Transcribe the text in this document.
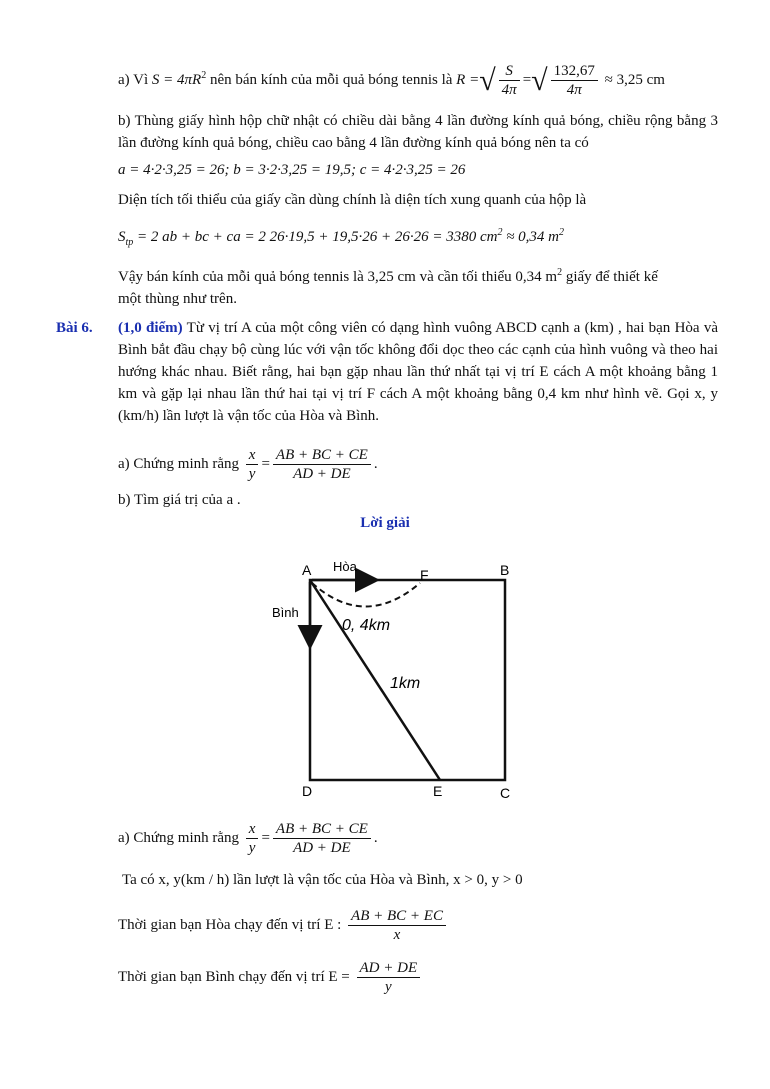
a) Vì $S = 4\pi R^2$ nên bán kính của mỗi quả bóng tennis là R =√ $\frac{S}{4\pi}$ =√ $\frac{132,67}{4\pi} \approx 3,25$ cm
b) Thùng giấy hình hộp chữ nhật có chiều dài bằng 4 lần đường kính quả bóng, chiều rộng bằng 3 lần đường kính quả bóng, chiều cao bằng 4 lần đường kính quả bóng nên ta có
a = 4·2·3,25 = 26; b = 3·2·3,25 = 19,5; c = 4·2·3,25 = 26
Diện tích tối thiểu của giấy cần dùng chính là diện tích xung quanh của hộp là
$S_{tp} = 2$ ab + bc + ca = 2 26·19,5 + 19,5·26 + 26·26 = 3380 $cm^2 \approx 0,34$ $m^2$
Vậy bán kính của mỗi quả bóng tennis là 3,25 cm và cần tối thiểu 0,34 $m^2$ giấy để thiết kế
một thùng như trên.
Bài 6. (1,0 điểm) Từ vị trí A của một công viên có dạng hình vuông ABCD cạnh a (km) , hai bạn Hòa và Bình bắt đầu chạy bộ cùng lúc với vận tốc không đổi dọc theo các cạnh của hình vuông và theo hai hướng khác nhau. Biết rằng, hai bạn gặp nhau lần thứ nhất tại vị trí E cách A một khoảng bằng 1 km và gặp lại nhau lần thứ hai tại vị trí F cách A một khoảng bằng 0,4 km như hình vẽ. Gọi x, y (km/h) lần lượt là vận tốc của Hòa và Bình.
a) Chứng minh rằng $\frac{x}{y} = \frac{AB + BC + CE}{AD + DE}$ .
b) Tìm giá trị của a .
Lời giải
A	B
C
D	E
F
Hòa
Bình
0, 4km
1km
a) Chứng minh rằng $\frac{x}{y} = \frac{AB + BC + CE}{AD + DE}$ .
Ta có x, y(km / h) lần lượt là vận tốc của Hòa và Bình, x > 0, y > 0
Thời gian bạn Hòa chạy đến vị trí E : $\frac{AB + BC + EC}{x}$
Thời gian bạn Bình chạy đến vị trí $E = \frac{AD + DE}{y}$
